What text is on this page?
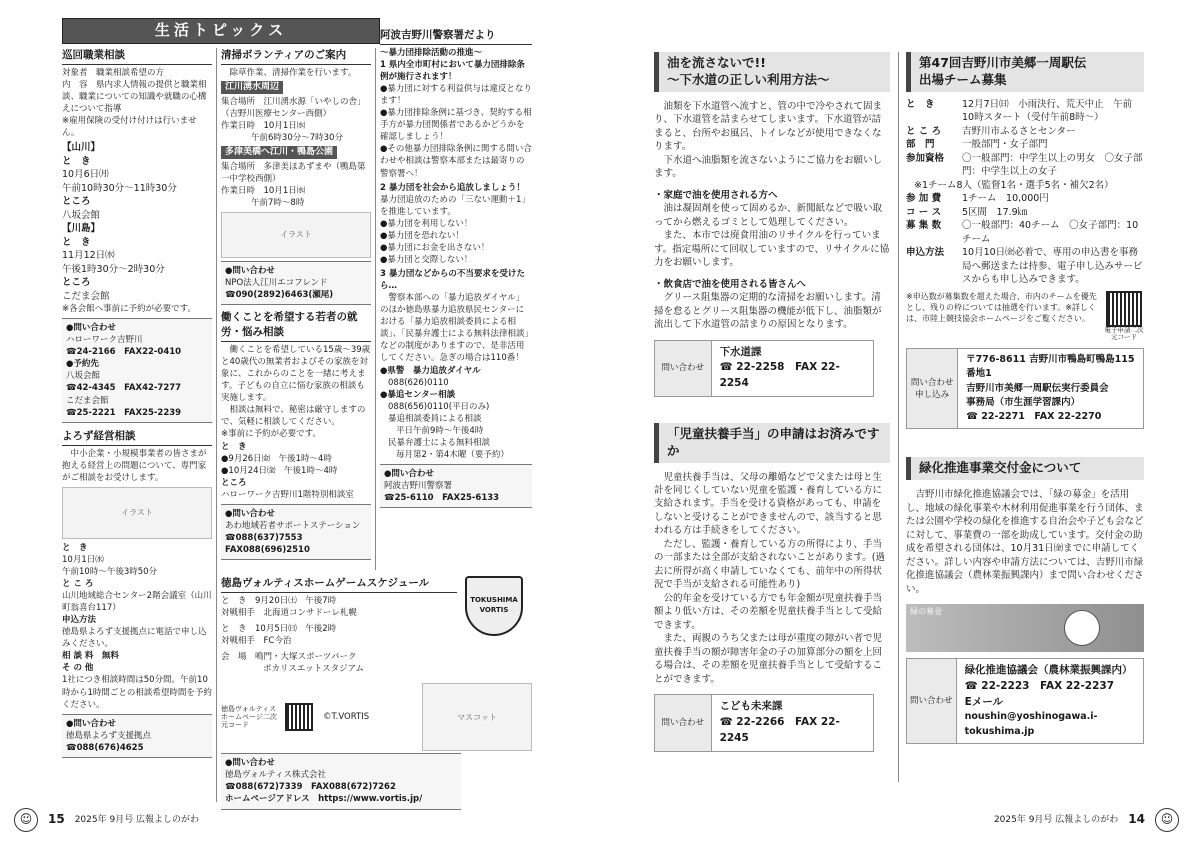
生活トピックス
巡回職業相談
対象者　職業相談希望の方
内　容　県内求人情報の提供と職業相談、職業についての知識や就職の心構えについて指導
※雇用保険の受付け付けは行いません。
【山川】
と　き
10月6日㈪
午前10時30分～11時30分
ところ
八坂会館
【川島】
と　き
11月12日㈬
午後1時30分～2時30分
ところ
こだま会館
※各会館へ事前に予約が必要です。
●問い合わせ
ハローワーク吉野川
☎24-2166　FAX22-0410
●予約先
八坂会館
☎42-4345　FAX42-7277
こだま会館
☎25-2221　FAX25-2239
よろず経営相談

中小企業・小規模事業者の皆さまが抱える経営上の問題について、専門家がご相談をお受けします。

イラスト
と　き
10月1日㈬
午前10時～午後3時50分
と こ ろ
山川地域総合センター2階会議室（山川町翁喜台117）
申込方法
徳島県よろず支援拠点に電話で申し込みください。
相 談 料　無料
そ の 他
1社につき相談時間は50分間。午前10時から1時間ごとの相談希望時間を予約ください。
●問い合わせ
徳島県よろず支援拠点
☎088(676)4625
清掃ボランティアのご案内

除草作業、清掃作業を行います。

江川湧水周辺
集合場所　江川湧水源「いやしの舎」（吉野川医療センター西側）
作業日時　10月1日㈬
午前6時30分～7時30分
多津美橋へ江川・鴨島公園
集合場所　多津美ほあずまや（鴨島第一中学校西側）
作業日時　10月1日㈬
午前7時～8時
イラスト
●問い合わせ
NPO法人江川エコフレンド
☎090(2892)6463(瀬尾)
働くことを希望する若者の就労・悩み相談

働くことを希望している15歳～39歳と40歳代の無業者およびその家族を対象に、これからのことを一緒に考えます。子どもの自立に悩む家族の相談も実施します。

相談は無料で、秘密は厳守しますので、気軽に相談してください。

※事前に予約が必要です。
と　き
●9月26日㈮　午後1時～4時
●10月24日㈮　午後1時～4時
ところ
ハローワーク吉野川1階特別相談室
●問い合わせ
あわ地域若者サポートステーション
☎088(637)7553
FAX088(696)2510
阿波吉野川警察署だより
～暴力団排除活動の推進～
1 県内全市町村において暴力団排除条例が施行されます！
●暴力団に対する利益供与は違反となります！
●暴力団排除条例に基づき、契約する相手方が暴力団関係者であるかどうかを確認しましょう！
●その他暴力団排除条例に関する問い合わせや相談は警察本部または最寄りの警察署へ！
2 暴力団を社会から追放しましょう！
暴力団追放のための「三ない運動＋1」を推進しています。
●暴力団を利用しない！
●暴力団を恐れない！
●暴力団にお金を出さない！
●暴力団と交際しない！
3 暴力団などからの不当要求を受けたら…

警察本部への「暴力追放ダイヤル」のほか徳島県暴力追放県民センターにおける「暴力追放相談委員による相談」、「民暴弁護士による無料法律相談」などの制度がありますので、是非活用してください。急ぎの場合は110番！

●県警　暴力追放ダイヤル
088(626)0110
●暴追センター相談
088(656)0110(平日のみ)
暴追相談委員による相談
平日午前9時～午後4時
民暴弁護士による無料相談
毎月第2・第4木曜（要予約）
●問い合わせ
阿波吉野川警察署
☎25-6110　FAX25-6133
徳島ヴォルティスホームゲームスケジュール
TOKUSHIMA VORTIS
と　き　9月20日㈯　午後7時
対戦相手　北海道コンサドーレ札幌
と　き　10月5日㈰　午後2時
対戦相手　FC今治
会　場　鳴門・大塚スポーツパーク
ポカリスエットスタジアム
徳島ヴォルティスホームページ二次元コード
©T.VORTIS	マスコット
●問い合わせ
徳島ヴォルティス株式会社
☎088(672)7339　FAX088(672)7262
ホームページアドレス　https://www.vortis.jp/
☺	15 2025年 9月号 広報よしのがわ
油を流さないで!!
～下水道の正しい利用方法～

油類を下水道管へ流すと、管の中で冷やされて固まり、下水道管を詰まらせてしまいます。下水道管が詰まると、台所やお風呂、トイレなどが使用できなくなります。

下水道へ油脂類を流さないようにご協力をお願いします。

・家庭で油を使用される方へ

油は凝固剤を使って固めるか、新聞紙などで吸い取ってから燃えるゴミとして処理してください。

また、本市では廃食用油のリサイクルを行っています。指定場所にて回収していますので、リサイクルに協力をお願いします。

・飲食店で油を使用される皆さんへ

グリース阻集器の定期的な清掃をお願いします。清掃を怠るとグリース阻集器の機能が低下し、油脂類が流出して下水道管の詰まりの原因となります。

問い合わせ
下水道課
☎ 22-2258　FAX 22-2254
「児童扶養手当」の申請はお済みですか

児童扶養手当は、父母の離婚などで父または母と生計を同じくしていない児童を監護・養育している方に支給されます。手当を受ける資格があっても、申請をしないと受けることができませんので、該当すると思われる方は手続きをしてください。

ただし、監護・養育している方の所得により、手当の一部または全部が支給されないことがあります。(過去に所得が高く申請していなくても、前年中の所得状況で手当が支給される可能性あり)

公的年金を受けている方でも年金額が児童扶養手当額より低い方は、その差額を児童扶養手当として受給できます。

また、両親のうち父または母が重度の障がい者で児童扶養手当の額が障害年金の子の加算部分の額を上回る場合は、その差額を児童扶養手当として受給することができます。

問い合わせ
こども未来課
☎ 22-2266　FAX 22-2245
第47回吉野川市美郷一周駅伝
出場チーム募集
と　き	12月7日㈰　小雨決行、荒天中止　午前10時スタート（受付午前8時～）
と こ ろ	吉野川市ふるさとセンター
部　門	一般部門・女子部門
参加資格	〇一般部門：中学生以上の男女　〇女子部門：中学生以上の女子
※1チーム8人（監督1名・選手5名・補欠2名）
参 加 費	1チーム　10,000円
コ ー ス	5区間　17.9㎞
募 集 数	〇一般部門：40チーム　〇女子部門：10チーム
申込方法	10月10日㈮必着で、専用の申込書を事務局へ郵送または持参、電子申し込みサービスからも申し込みできます。
※申込数が募集数を超えた場合、市内のチームを優先とし、残りの枠については抽選を行います。※詳しくは、市陸上競技協会ホームページをご覧ください。
電子申請二次元コード
問い合わせ申し込み
〒776-8611 吉野川市鴨島町鴨島115番地1
吉野川市美郷一周駅伝実行委員会
事務局（市生涯学習課内）
☎ 22-2271　FAX 22-2270
緑化推進事業交付金について

吉野川市緑化推進協議会では、「緑の募金」を活用し、地域の緑化事業や木材利用促進事業を行う団体、または公園や学校の緑化を推進する自治会や子ども会などに対して、事業費の一部を助成しています。交付金の助成を希望される団体は、10月31日㈮までに申請してください。詳しい内容や申請方法については、吉野川市緑化推進協議会（農林業振興課内）まで問い合わせください。

緑の募金
問い合わせ
緑化推進協議会（農林業振興課内）
☎ 22-2223　FAX 22-2237
Eメール
noushin@yoshinogawa.i-tokushima.jp
2025年 9月号 広報よしのがわ 14	☺
